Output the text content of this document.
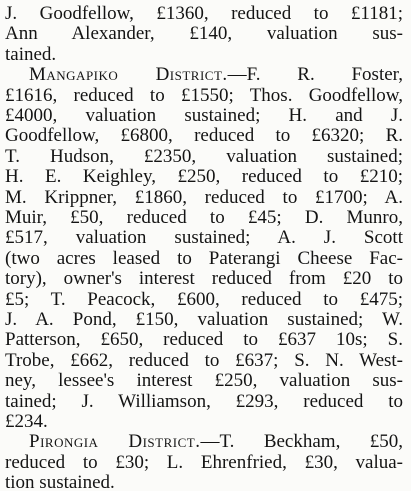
J. Goodfellow, £1360, reduced to £1181;
Ann Alexander, £140, valuation sus-
tained.
Mangapiko District.—F. R. Foster,
£1616, reduced to £1550; Thos. Goodfellow,
£4000, valuation sustained; H. and J.
Goodfellow, £6800, reduced to £6320; R.
T. Hudson, £2350, valuation sustained;
H. E. Keighley, £250, reduced to £210;
M. Krippner, £1860, reduced to £1700; A.
Muir, £50, reduced to £45; D. Munro,
£517, valuation sustained; A. J. Scott
(two acres leased to Paterangi Cheese Fac-
tory), owner's interest reduced from £20 to
£5; T. Peacock, £600, reduced to £475;
J. A. Pond, £150, valuation sustained; W.
Patterson, £650, reduced to £637 10s; S.
Trobe, £662, reduced to £637; S. N. West-
ney, lessee's interest £250, valuation sus-
tained; J. Williamson, £293, reduced to
£234.
Pirongia District.—T. Beckham, £50,
reduced to £30; L. Ehrenfried, £30, valua-
tion sustained.
